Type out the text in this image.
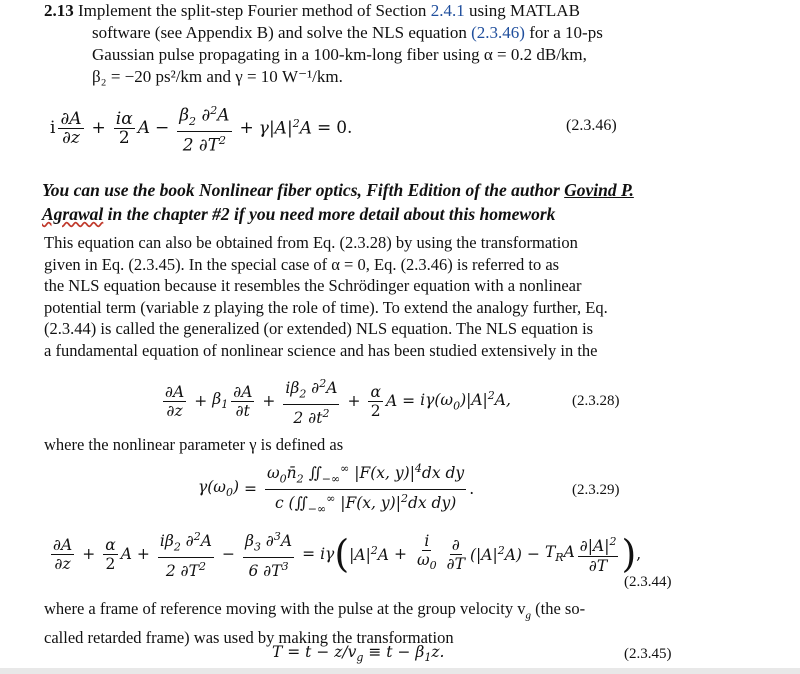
2.13 Implement the split-step Fourier method of Section 2.4.1 using MATLAB
software (see Appendix B) and solve the NLS equation (2.3.46) for a 10-ps
Gaussian pulse propagating in a 100-km-long fiber using α = 0.2 dB/km,
β₂ = −20 ps²/km and γ = 10 W⁻¹/km.
i $\frac{\partial A}{\partial z} + \frac{i\alpha}{2}$ $A - \frac{\beta_2 \partial^2A}{2 \partial T^2} + \gamma|A|^2A = 0$.	(2.3.46)
You can use the book Nonlinear fiber optics, Fifth Edition of the author Govind P.
Agrawal in the chapter #2 if you need more detail about this homework
This equation can also be obtained from Eq. (2.3.28) by using the transformation
given in Eq. (2.3.45). In the special case of α = 0, Eq. (2.3.46) is referred to as
the NLS equation because it resembles the Schrödinger equation with a nonlinear
potential term (variable z playing the role of time). To extend the analogy further, Eq.
(2.3.44) is called the generalized (or extended) NLS equation. The NLS equation is
a fundamental equation of nonlinear science and has been studied extensively in the
$\frac{\partial A}{\partial z} + \beta_1 \frac{\partial A}{\partial t} + \frac{i\beta_2 \partial^2A}{2 \partial t^2} + \frac{\alpha}{2}$ $A = i\gamma(\omega_0)|A|^2A$,	(2.3.28)
where the nonlinear parameter γ is defined as
$\gamma(\omega_0) = \frac{\omega_0n̄_2 ∬_{-\infty}^\infty |F(x, y)|^4dx dy}{c (∬_{-\infty}^\infty |F(x, y)|^2dx dy)}$ .	(2.3.29)
$\frac{\partial A}{\partial z} + \frac{\alpha}{2}$ $A + \frac{i\beta_2 \partial^2A}{2 \partial T^2} - \frac{\beta_3 \partial^3A}{6 \partial T^3} = i\gamma$ ( $|A|^2A + \frac{i}{\omega_0} \frac{\partial}{\partial T} (|A|^2A) - T_RA \frac{\partial|A|^2}{\partial T}$ ) ,
(2.3.44)
where a frame of reference moving with the pulse at the group velocity $v_g$ (the so-
called retarded frame) was used by making the transformation
$T = t - z/v_g \equiv t - \beta_1z$.	(2.3.45)
